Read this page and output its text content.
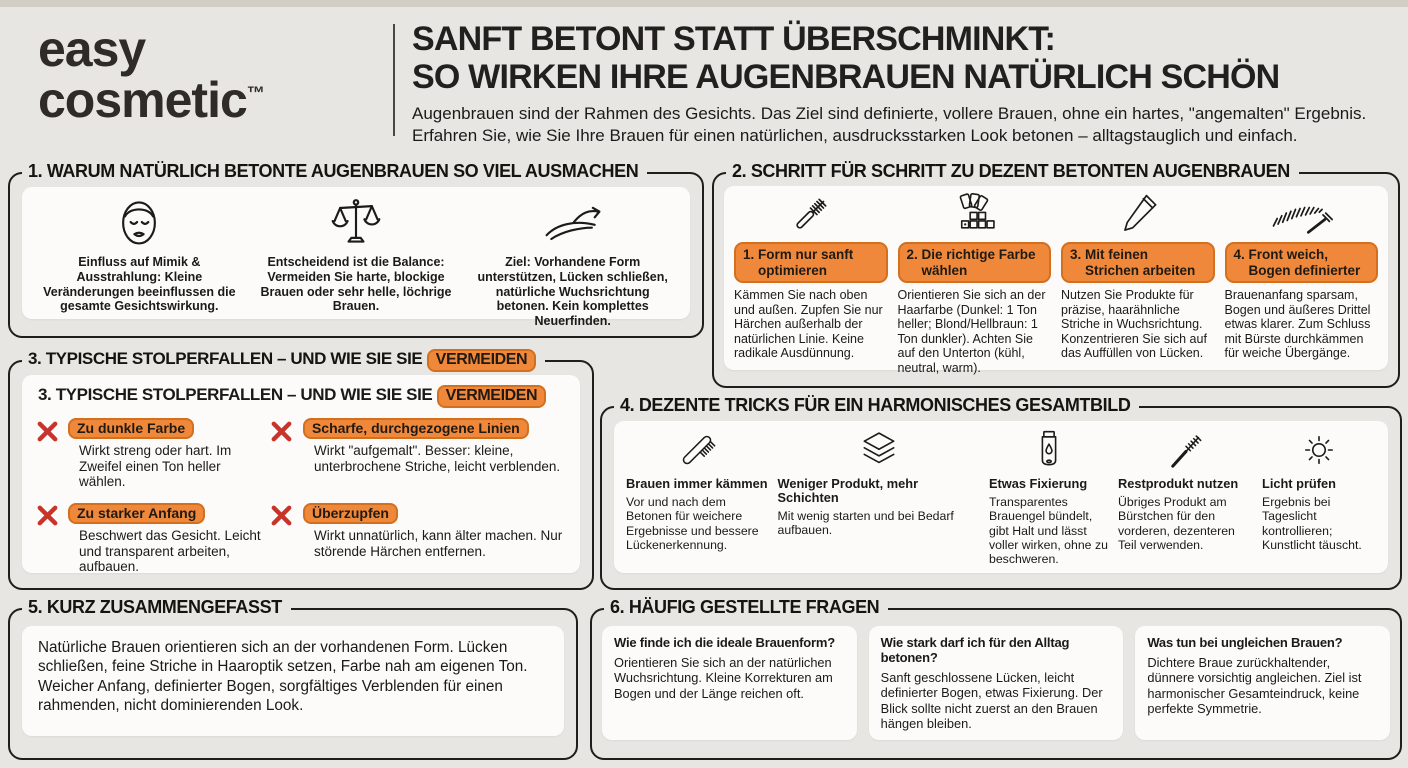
easy
cosmetic™
SANFT BETONT STATT ÜBERSCHMINKT:
SO WIRKEN IHRE AUGENBRAUEN NATÜRLICH SCHÖN
Augenbrauen sind der Rahmen des Gesichts. Das Ziel sind definierte, vollere Brauen, ohne ein hartes, "angemalten" Ergebnis.
Erfahren Sie, wie Sie Ihre Brauen für einen natürlichen, ausdrucksstarken Look betonen – alltagstauglich und einfach.
1. WARUM NATÜRLICH BETONTE AUGENBRAUEN SO VIEL AUSMACHEN
Einfluss auf Mimik & Ausstrahlung: Kleine Veränderungen beeinflussen die gesamte Gesichtswirkung.
Entscheidend ist die Balance: Vermeiden Sie harte, blockige Brauen oder sehr helle, löchrige Brauen.
Ziel: Vorhandene Form unterstützen, Lücken schließen, natürliche Wuchsrichtung betonen. Kein komplettes Neuerfinden.
2. SCHRITT FÜR SCHRITT ZU DEZENT BETONTEN AUGENBRAUEN
1. Form nur sanft optimieren
Kämmen Sie nach oben und außen. Zupfen Sie nur Härchen außerhalb der natürlichen Linie. Keine radikale Ausdünnung.
2. Die richtige Farbe wählen
Orientieren Sie sich an der Haarfarbe (Dunkel: 1 Ton heller; Blond/Hellbraun: 1 Ton dunkler). Achten Sie auf den Unterton (kühl, neutral, warm).
3. Mit feinen Strichen arbeiten
Nutzen Sie Produkte für präzise, haarähnliche Striche in Wuchsrichtung. Konzentrieren Sie sich auf das Auffüllen von Lücken.
4. Front weich, Bogen definierter
Brauenanfang sparsam, Bogen und äußeres Drittel etwas klarer. Zum Schluss mit Bürste durchkämmen für weiche Übergänge.
3. TYPISCHE STOLPERFALLEN – UND WIE SIE SIE VERMEIDEN
3. TYPISCHE STOLPERFALLEN – UND WIE SIE SIE VERMEIDEN
Zu dunkle Farbe
Wirkt streng oder hart. Im Zweifel einen Ton heller wählen.
Scharfe, durchgezogene Linien
Wirkt "aufgemalt". Besser: kleine, unterbrochene Striche, leicht verblenden.
Zu starker Anfang
Beschwert das Gesicht. Leicht und transparent arbeiten, aufbauen.
Überzupfen
Wirkt unnatürlich, kann älter machen. Nur störende Härchen entfernen.
4. DEZENTE TRICKS FÜR EIN HARMONISCHES GESAMTBILD
Brauen immer kämmen
Vor und nach dem Betonen für weichere Ergebnisse und bessere Lückenerkennung.
Weniger Produkt, mehr Schichten
Mit wenig starten und bei Bedarf aufbauen.
Etwas Fixierung
Transparentes Brauengel bündelt, gibt Halt und lässt voller wirken, ohne zu beschweren.
Restprodukt nutzen
Übriges Produkt am Bürstchen für den vorderen, dezenteren Teil verwenden.
Licht prüfen
Ergebnis bei Tageslicht kontrollieren; Kunstlicht täuscht.
5. KURZ ZUSAMMENGEFASST
Natürliche Brauen orientieren sich an der vorhandenen Form. Lücken schließen, feine Striche in Haaroptik setzen, Farbe nah am eigenen Ton. Weicher Anfang, definierter Bogen, sorgfältiges Verblenden für einen rahmenden, nicht dominierenden Look.
6. HÄUFIG GESTELLTE FRAGEN
Wie finde ich die ideale Brauenform?
Orientieren Sie sich an der natürlichen Wuchsrichtung. Kleine Korrekturen am Bogen und der Länge reichen oft.
Wie stark darf ich für den Alltag betonen?
Sanft geschlossene Lücken, leicht definierter Bogen, etwas Fixierung. Der Blick sollte nicht zuerst an den Brauen hängen bleiben.
Was tun bei ungleichen Brauen?
Dichtere Braue zurückhaltender, dünnere vorsichtig angleichen. Ziel ist harmonischer Gesamteindruck, keine perfekte Symmetrie.
